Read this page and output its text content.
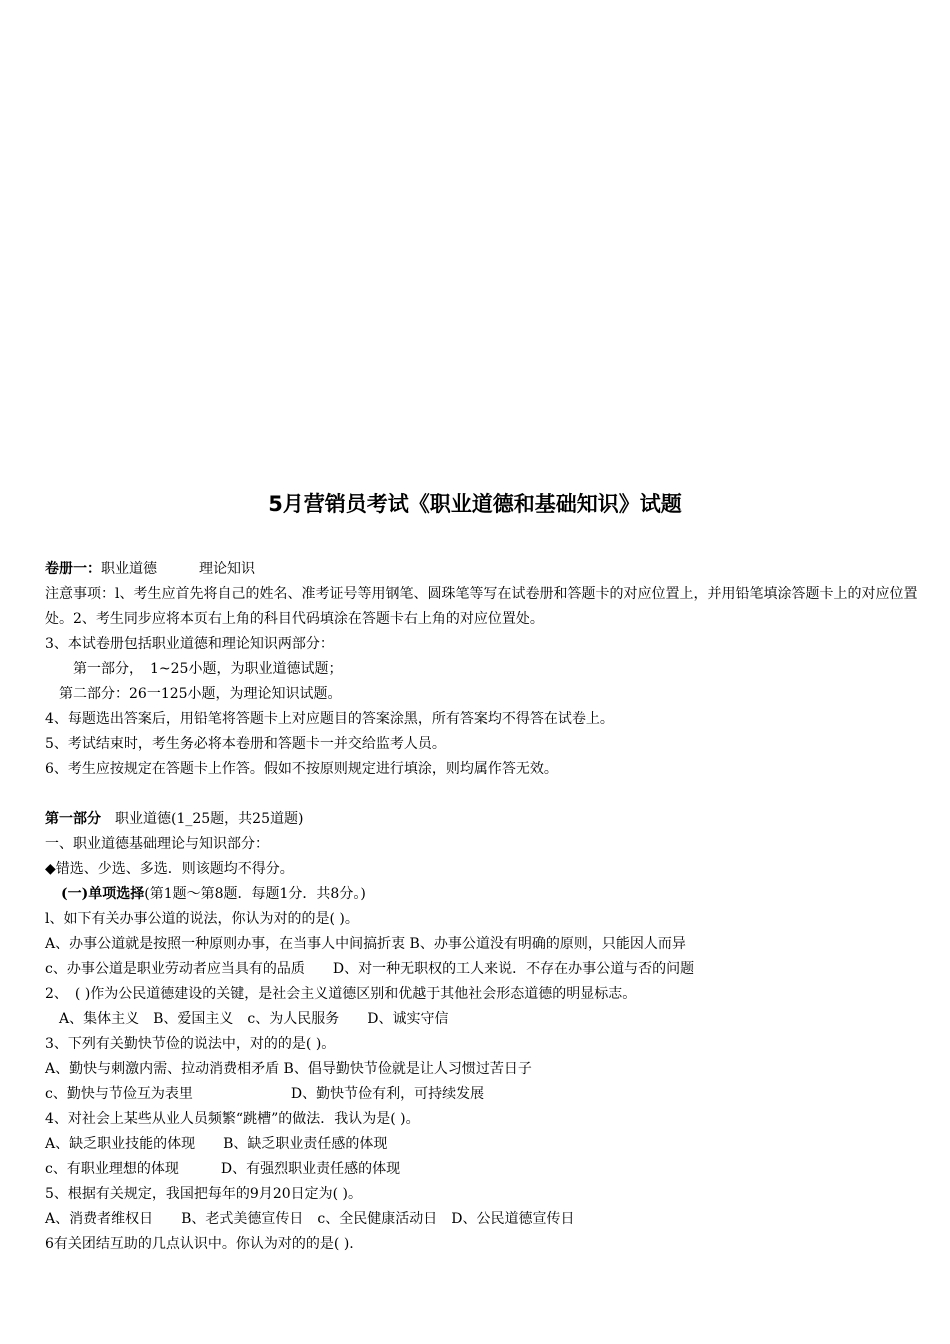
5月营销员考试《职业道德和基础知识》试题
卷册一：职业道德　　　理论知识
注意事项：l、考生应首先将自己的姓名、准考证号等用钢笔、圆珠笔等写在试卷册和答题卡的对应位置上，并用铅笔填涂答题卡上的对应位置处。2、考生同步应将本页右上角的科目代码填涂在答题卡右上角的对应位置处。
3、本试卷册包括职业道德和理论知识两部分：
　　第一部分，　1~25小题，为职业道德试题；
　第二部分：26一125小题，为理论知识试题。
4、每题选出答案后，用铅笔将答题卡上对应题目的答案涂黑，所有答案均不得答在试卷上。
5、考试结束时，考生务必将本卷册和答题卡一并交给监考人员。
6、考生应按规定在答题卡上作答。假如不按原则规定进行填涂，则均属作答无效。
第一部分　职业道德(1_25题，共25道题)
一、职业道德基础理论与知识部分：
◆错选、少选、多选．则该题均不得分。
(一)单项选择(第1题～第8题．每题1分．共8分。)
l、如下有关办事公道的说法，你认为对的的是( )。
A、办事公道就是按照一种原则办事，在当事人中间搞折衷 B、办事公道没有明确的原则，只能因人而异
c、办事公道是职业劳动者应当具有的品质　　D、对一种无职权的工人来说．不存在办事公道与否的问题
2、　( )作为公民道德建设的关键，是社会主义道德区别和优越于其他社会形态道德的明显标志。
　A、集体主义　B、爱国主义　c、为人民服务　　D、诚实守信
3、下列有关勤快节俭的说法中，对的的是( )。
A、勤快与刺激内需、拉动消费相矛盾 B、倡导勤快节俭就是让人习惯过苦日子
c、勤快与节俭互为表里　　　　　　　D、勤快节俭有利，可持续发展
4、对社会上某些从业人员频繁“跳槽”的做法．我认为是( )。
A、缺乏职业技能的体现　　B、缺乏职业责任感的体现
c、有职业理想的体现　　　D、有强烈职业责任感的体现
5、根据有关规定，我国把每年的9月20日定为( )。
A、消费者维权日　　B、老式美德宣传日　c、全民健康活动日　D、公民道德宣传日
6有关团结互助的几点认识中。你认为对的的是( ).
